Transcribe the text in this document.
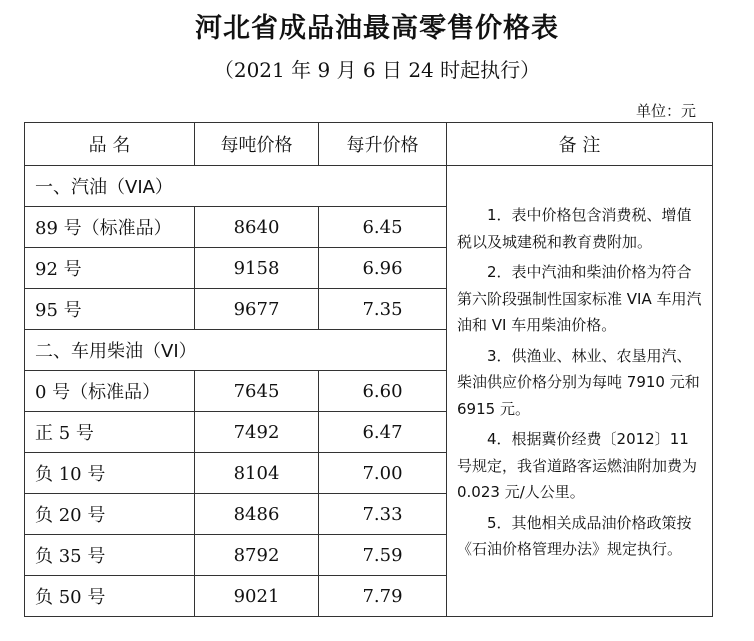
河北省成品油最高零售价格表
（2021 年 9 月 6 日 24 时起执行）
单位：元
品 名	每吨价格	每升价格	备 注
一、汽油（VIA）			1．表中价格包含消费税、增值税以及城建税和教育费附加。

2．表中汽油和柴油价格为符合第六阶段强制性国家标准 VIA 车用汽油和 VI 车用柴油价格。

3．供渔业、林业、农垦用汽、柴油供应价格分别为每吨 7910 元和 6915 元。

4．根据冀价经费〔2012〕11 号规定，我省道路客运燃油附加费为 0.023 元/人公里。

5．其他相关成品油价格政策按《石油价格管理办法》规定执行。

89 号（标准品）	8640	6.45	
92 号	9158	6.96	
95 号	9677	7.35	
二、车用柴油（VI）			
0 号（标准品）	7645	6.60	
正 5 号	7492	6.47	
负 10 号	8104	7.00	
负 20 号	8486	7.33	
负 35 号	8792	7.59	
负 50 号	9021	7.79	
